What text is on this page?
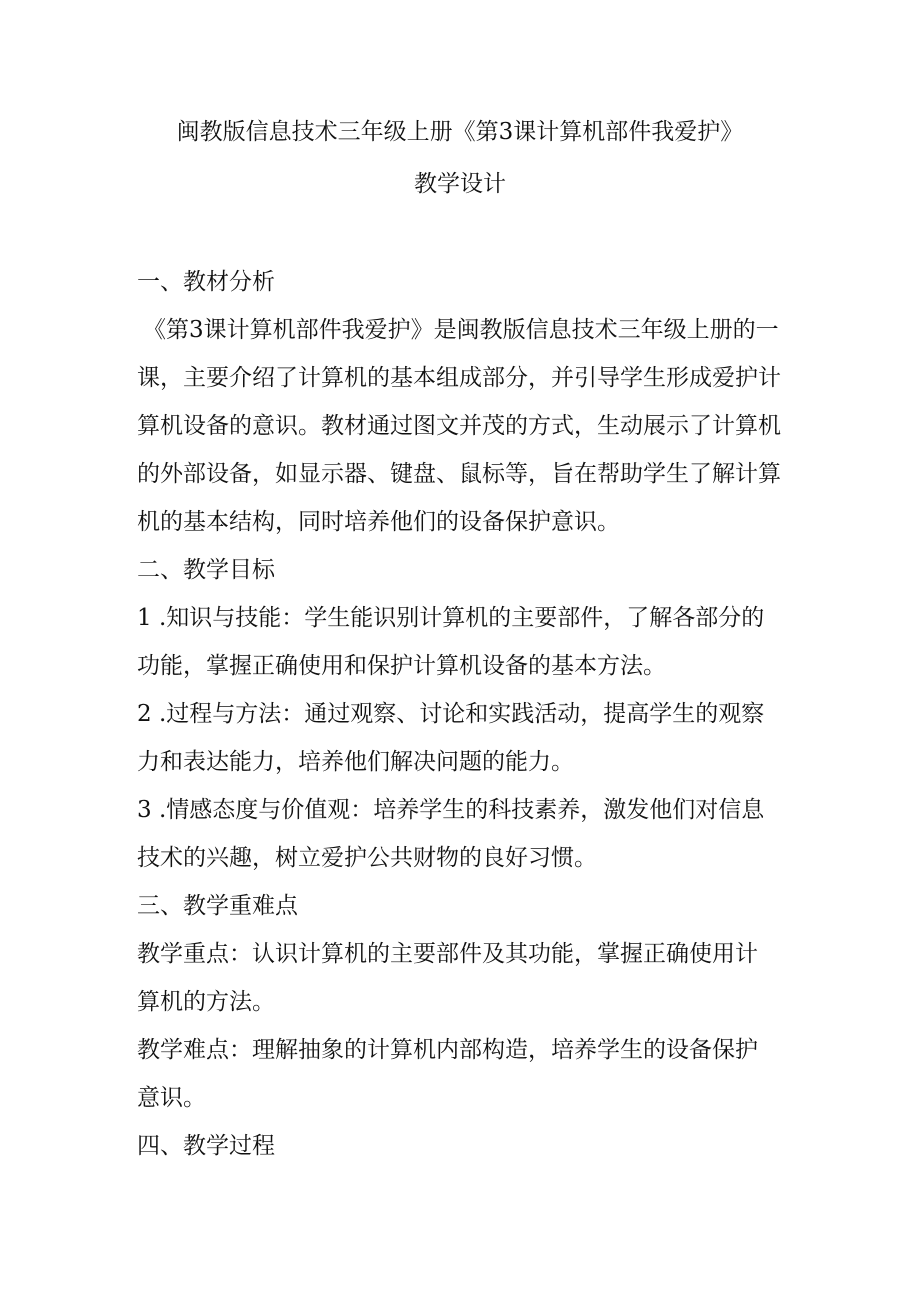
闽教版信息技术三年级上册《第3课计算机部件我爱护》
教学设计

一、教材分析

《第3课计算机部件我爱护》是闽教版信息技术三年级上册的一

课，主要介绍了计算机的基本组成部分，并引导学生形成爱护计

算机设备的意识。教材通过图文并茂的方式，生动展示了计算机

的外部设备，如显示器、键盘、鼠标等，旨在帮助学生了解计算

机的基本结构，同时培养他们的设备保护意识。

二、教学目标

1 .知识与技能：学生能识别计算机的主要部件，了解各部分的

功能，掌握正确使用和保护计算机设备的基本方法。

2 .过程与方法：通过观察、讨论和实践活动，提高学生的观察

力和表达能力，培养他们解决问题的能力。

3 .情感态度与价值观：培养学生的科技素养，激发他们对信息

技术的兴趣，树立爱护公共财物的良好习惯。

三、教学重难点

教学重点：认识计算机的主要部件及其功能，掌握正确使用计

算机的方法。

教学难点：理解抽象的计算机内部构造，培养学生的设备保护

意识。

四、教学过程
